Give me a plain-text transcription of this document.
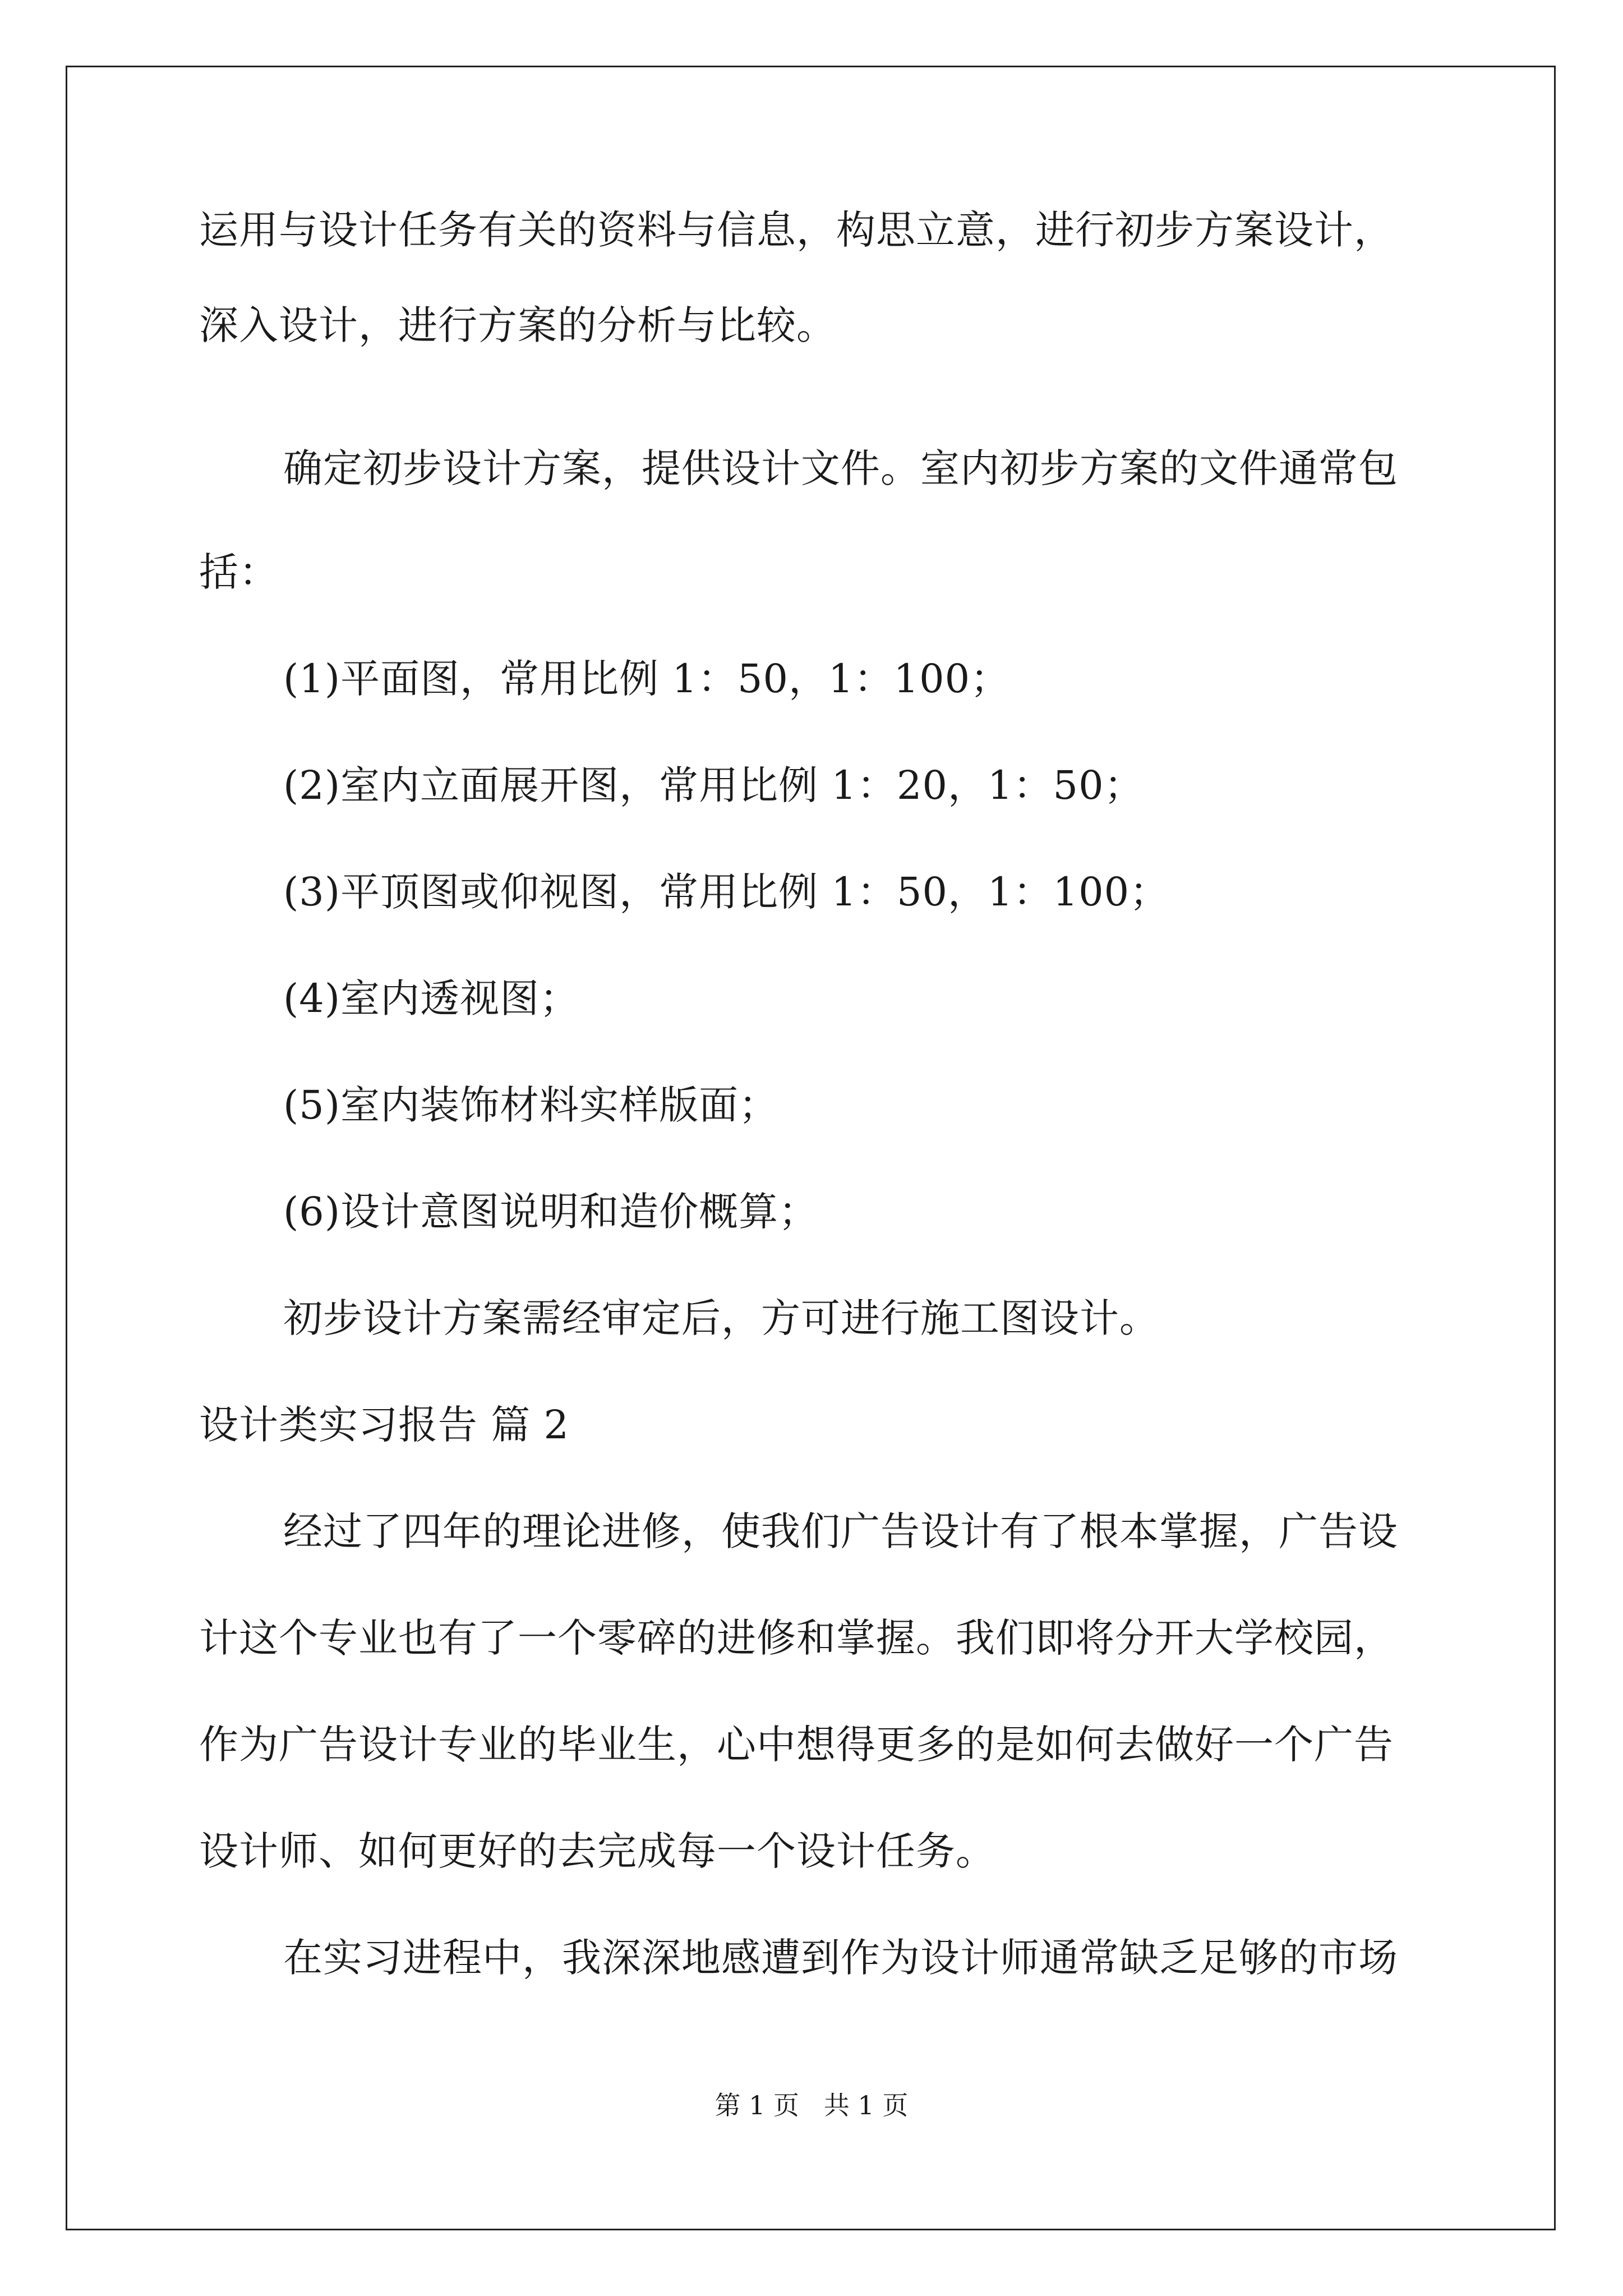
运用与设计任务有关的资料与信息，构思立意，进行初步方案设计，
深入设计，进行方案的分析与比较。
确定初步设计方案，提供设计文件。室内初步方案的文件通常包
括：
(1)平面图，常用比例 1：50，1：100；
(2)室内立面展开图，常用比例 1：20，1：50；
(3)平顶图或仰视图，常用比例 1：50，1：100；
(4)室内透视图；
(5)室内装饰材料实样版面；
(6)设计意图说明和造价概算；
初步设计方案需经审定后，方可进行施工图设计。
设计类实习报告 篇 2
经过了四年的理论进修，使我们广告设计有了根本掌握，广告设
计这个专业也有了一个零碎的进修和掌握。我们即将分开大学校园，
作为广告设计专业的毕业生，心中想得更多的是如何去做好一个广告
设计师、如何更好的去完成每一个设计任务。
在实习进程中，我深深地感遭到作为设计师通常缺乏足够的市场
第 1 页   共 1 页
